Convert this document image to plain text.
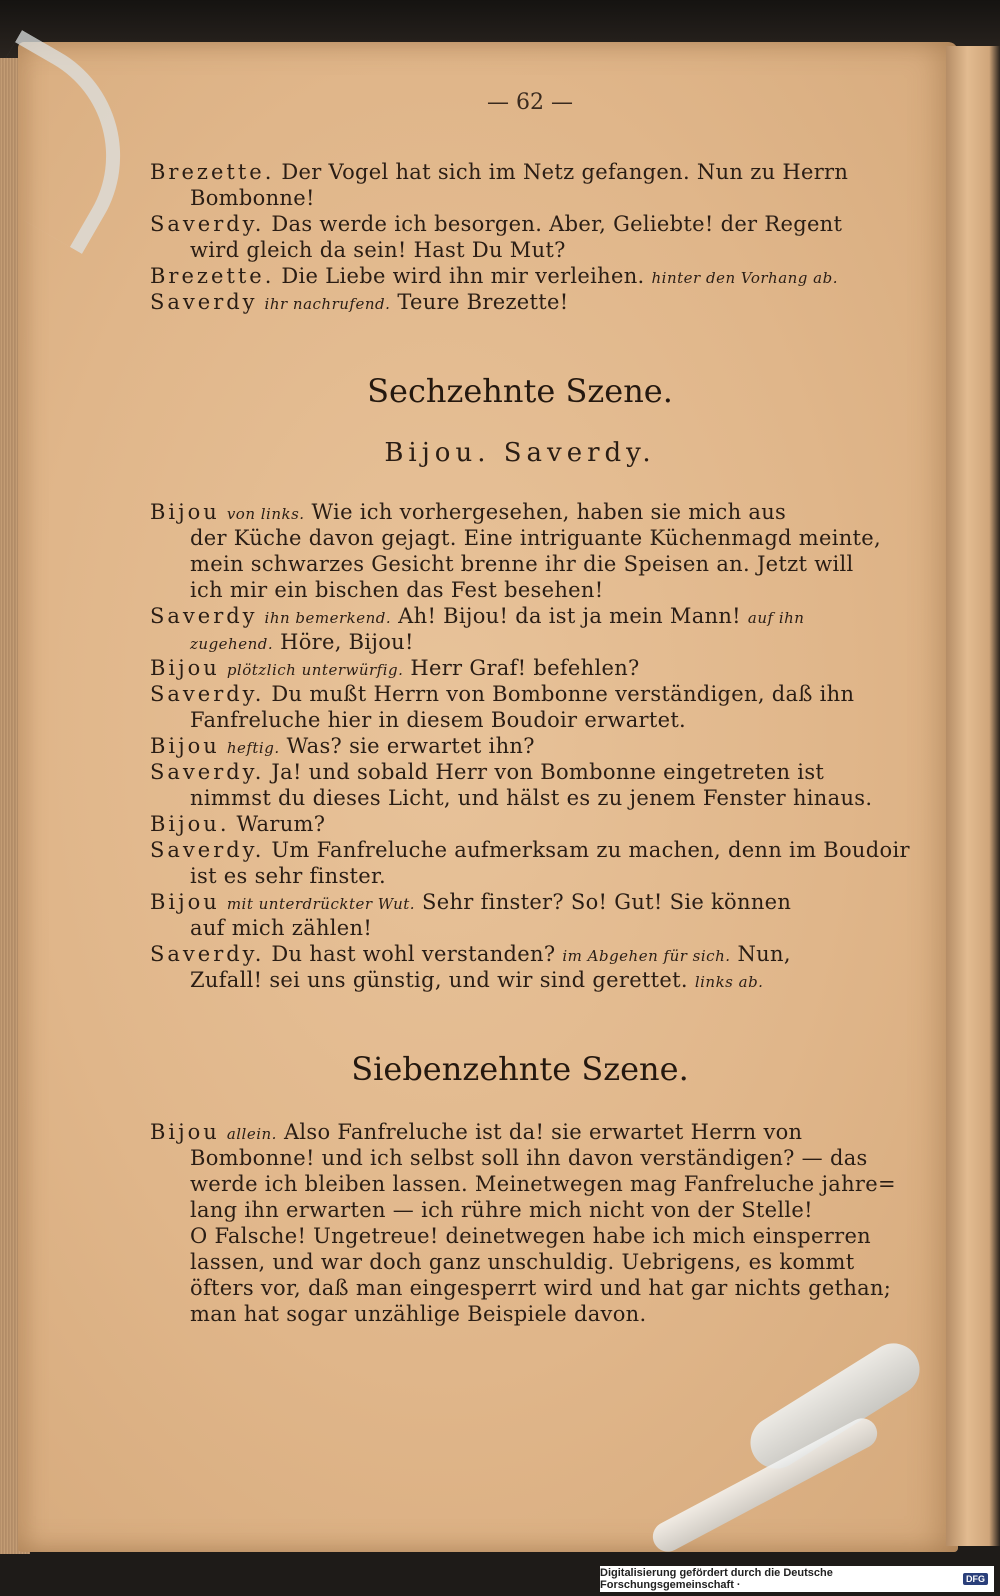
— 62 —
Brezette. Der Vogel hat sich im Netz gefangen. Nun zu Herrn
Bombonne!
Saverdy. Das werde ich besorgen. Aber, Geliebte! der Regent
wird gleich da sein! Hast Du Mut?
Brezette. Die Liebe wird ihn mir verleihen. hinter den Vorhang ab.
Saverdy ihr nachrufend. Teure Brezette!
Sechzehnte Szene.
Bijou. Saverdy.
Bijou von links. Wie ich vorhergesehen, haben sie mich aus
der Küche davon gejagt. Eine intriguante Küchenmagd meinte,
mein schwarzes Gesicht brenne ihr die Speisen an. Jetzt will
ich mir ein bischen das Fest besehen!
Saverdy ihn bemerkend. Ah! Bijou! da ist ja mein Mann! auf ihn
zugehend. Höre, Bijou!
Bijou plötzlich unterwürfig. Herr Graf! befehlen?
Saverdy. Du mußt Herrn von Bombonne verständigen, daß ihn
Fanfreluche hier in diesem Boudoir erwartet.
Bijou heftig. Was? sie erwartet ihn?
Saverdy. Ja! und sobald Herr von Bombonne eingetreten ist
nimmst du dieses Licht, und hälst es zu jenem Fenster hinaus.
Bijou. Warum?
Saverdy. Um Fanfreluche aufmerksam zu machen, denn im Boudoir
ist es sehr finster.
Bijou mit unterdrückter Wut. Sehr finster? So! Gut! Sie können
auf mich zählen!
Saverdy. Du hast wohl verstanden? im Abgehen für sich. Nun,
Zufall! sei uns günstig, und wir sind gerettet. links ab.
Siebenzehnte Szene.
Bijou allein. Also Fanfreluche ist da! sie erwartet Herrn von
Bombonne! und ich selbst soll ihn davon verständigen? — das
werde ich bleiben lassen. Meinetwegen mag Fanfreluche jahre=
lang ihn erwarten — ich rühre mich nicht von der Stelle!
O Falsche! Ungetreue! deinetwegen habe ich mich einsperren
lassen, und war doch ganz unschuldig. Uebrigens, es kommt
öfters vor, daß man eingesperrt wird und hat gar nichts gethan;
man hat sogar unzählige Beispiele davon.
Digitalisierung gefördert durch die Deutsche Forschungsgemeinschaft ·	DFG
